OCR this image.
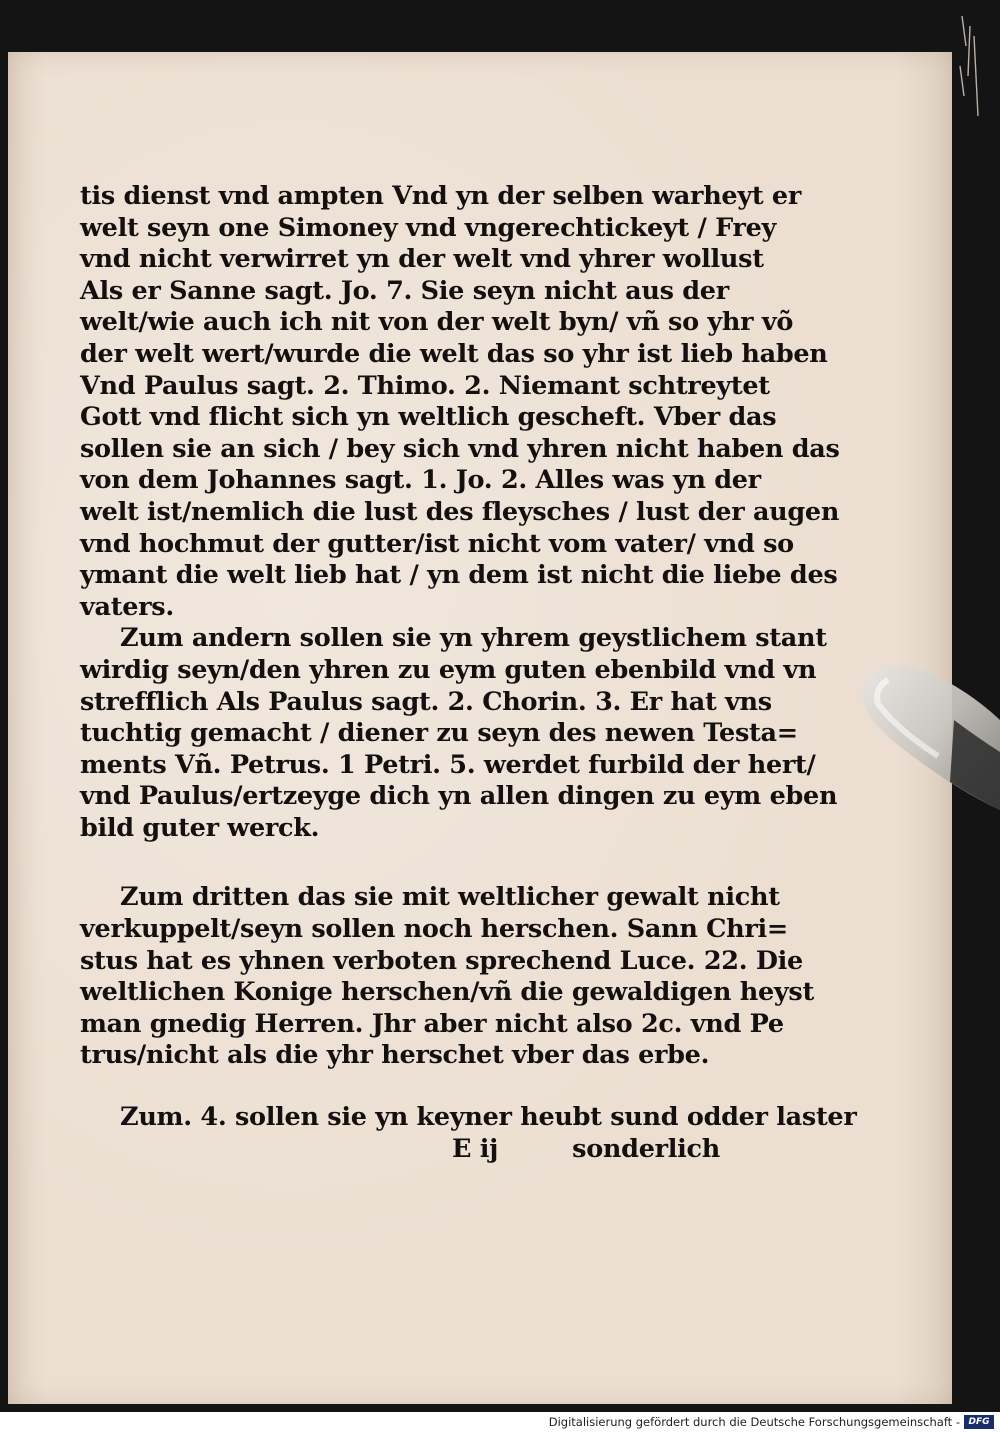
tis dienst vnd ampten Vnd yn der selben warheyt er
welt seyn one Simoney vnd vngerechtickeyt / Frey
vnd nicht verwirret yn der welt vnd yhrer wollust
Als er Sanne sagt. Jo. 7. Sie seyn nicht aus der
welt/wie auch ich nit von der welt byn/ vñ so yhr võ
der welt wert/wurde die welt das so yhr ist lieb haben
Vnd Paulus sagt. 2. Thimo. 2. Niemant schtreytet
Gott vnd flicht sich yn weltlich gescheft. Vber das
sollen sie an sich / bey sich vnd yhren nicht haben das
von dem Johannes sagt. 1. Jo. 2. Alles was yn der
welt ist/nemlich die lust des fleysches / lust der augen
vnd hochmut der gutter/ist nicht vom vater/ vnd so
ymant die welt lieb hat / yn dem ist nicht die liebe des
vaters.
Zum andern sollen sie yn yhrem geystlichem stant
wirdig seyn/den yhren zu eym guten ebenbild vnd vn
strefflich Als Paulus sagt. 2. Chorin. 3. Er hat vns
tuchtig gemacht / diener zu seyn des newen Testa=
ments Vñ. Petrus. 1 Petri. 5. werdet furbild der hert/
vnd Paulus/ertzeyge dich yn allen dingen zu eym eben
bild guter werck.
Zum dritten das sie mit weltlicher gewalt nicht
verkuppelt/seyn sollen noch herschen. Sann Chri=
stus hat es yhnen verboten sprechend Luce. 22. Die
weltlichen Konige herschen/vñ die gewaldigen heyst
man gnedig Herren. Jhr aber nicht also 2c. vnd Pe
trus/nicht als die yhr herschet vber das erbe.
Zum. 4. sollen sie yn keyner heubt sund odder laster
E ij	sonderlich
Digitalisierung gefördert durch die Deutsche Forschungsgemeinschaft - DFG
